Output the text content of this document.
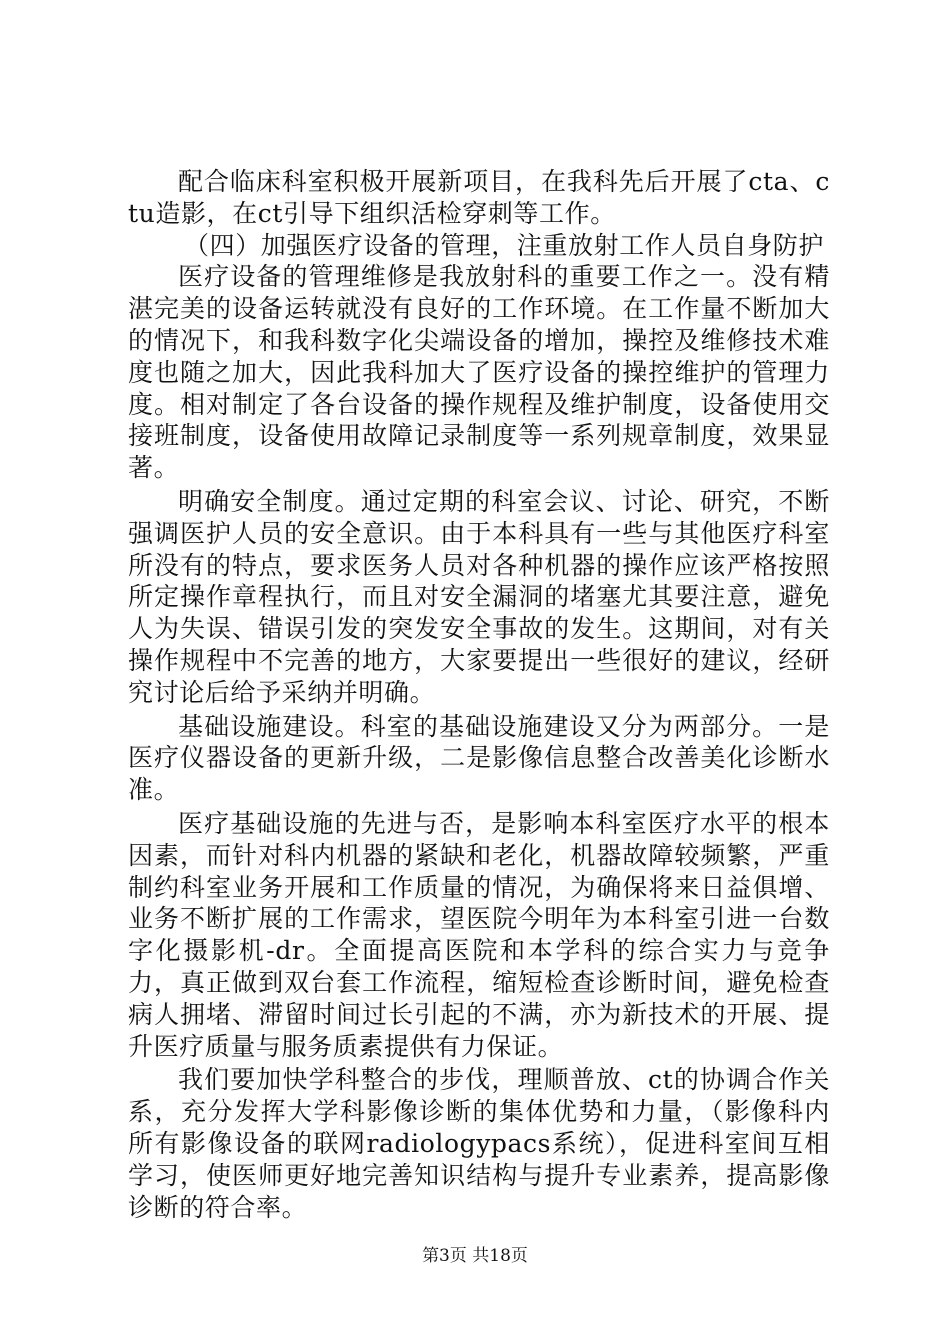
配合临床科室积极开展新项目，在我科先后开展了cta、ctu造影，在ct引导下组织活检穿刺等工作。

（四）加强医疗设备的管理，注重放射工作人员自身防护

医疗设备的管理维修是我放射科的重要工作之一。没有精湛完美的设备运转就没有良好的工作环境。在工作量不断加大的情况下，和我科数字化尖端设备的增加，操控及维修技术难度也随之加大，因此我科加大了医疗设备的操控维护的管理力度。相对制定了各台设备的操作规程及维护制度，设备使用交接班制度，设备使用故障记录制度等一系列规章制度，效果显著。

明确安全制度。通过定期的科室会议、讨论、研究，不断强调医护人员的安全意识。由于本科具有一些与其他医疗科室所没有的特点，要求医务人员对各种机器的操作应该严格按照所定操作章程执行，而且对安全漏洞的堵塞尤其要注意，避免人为失误、错误引发的突发安全事故的发生。这期间，对有关操作规程中不完善的地方，大家要提出一些很好的建议，经研究讨论后给予采纳并明确。

基础设施建设。科室的基础设施建设又分为两部分。一是医疗仪器设备的更新升级，二是影像信息整合改善美化诊断水准。

医疗基础设施的先进与否，是影响本科室医疗水平的根本因素，而针对科内机器的紧缺和老化，机器故障较频繁，严重制约科室业务开展和工作质量的情况，为确保将来日益俱增、业务不断扩展的工作需求，望医院今明年为本科室引进一台数字化摄影机-dr。全面提高医院和本学科的综合实力与竞争力，真正做到双台套工作流程，缩短检查诊断时间，避免检查病人拥堵、滞留时间过长引起的不满，亦为新技术的开展、提升医疗质量与服务质素提供有力保证。

我们要加快学科整合的步伐，理顺普放、ct的协调合作关系，充分发挥大学科影像诊断的集体优势和力量，（影像科内所有影像设备的联网radiologypacs系统），促进科室间互相学习，使医师更好地完善知识结构与提升专业素养，提高影像诊断的符合率。

第3页 共18页
